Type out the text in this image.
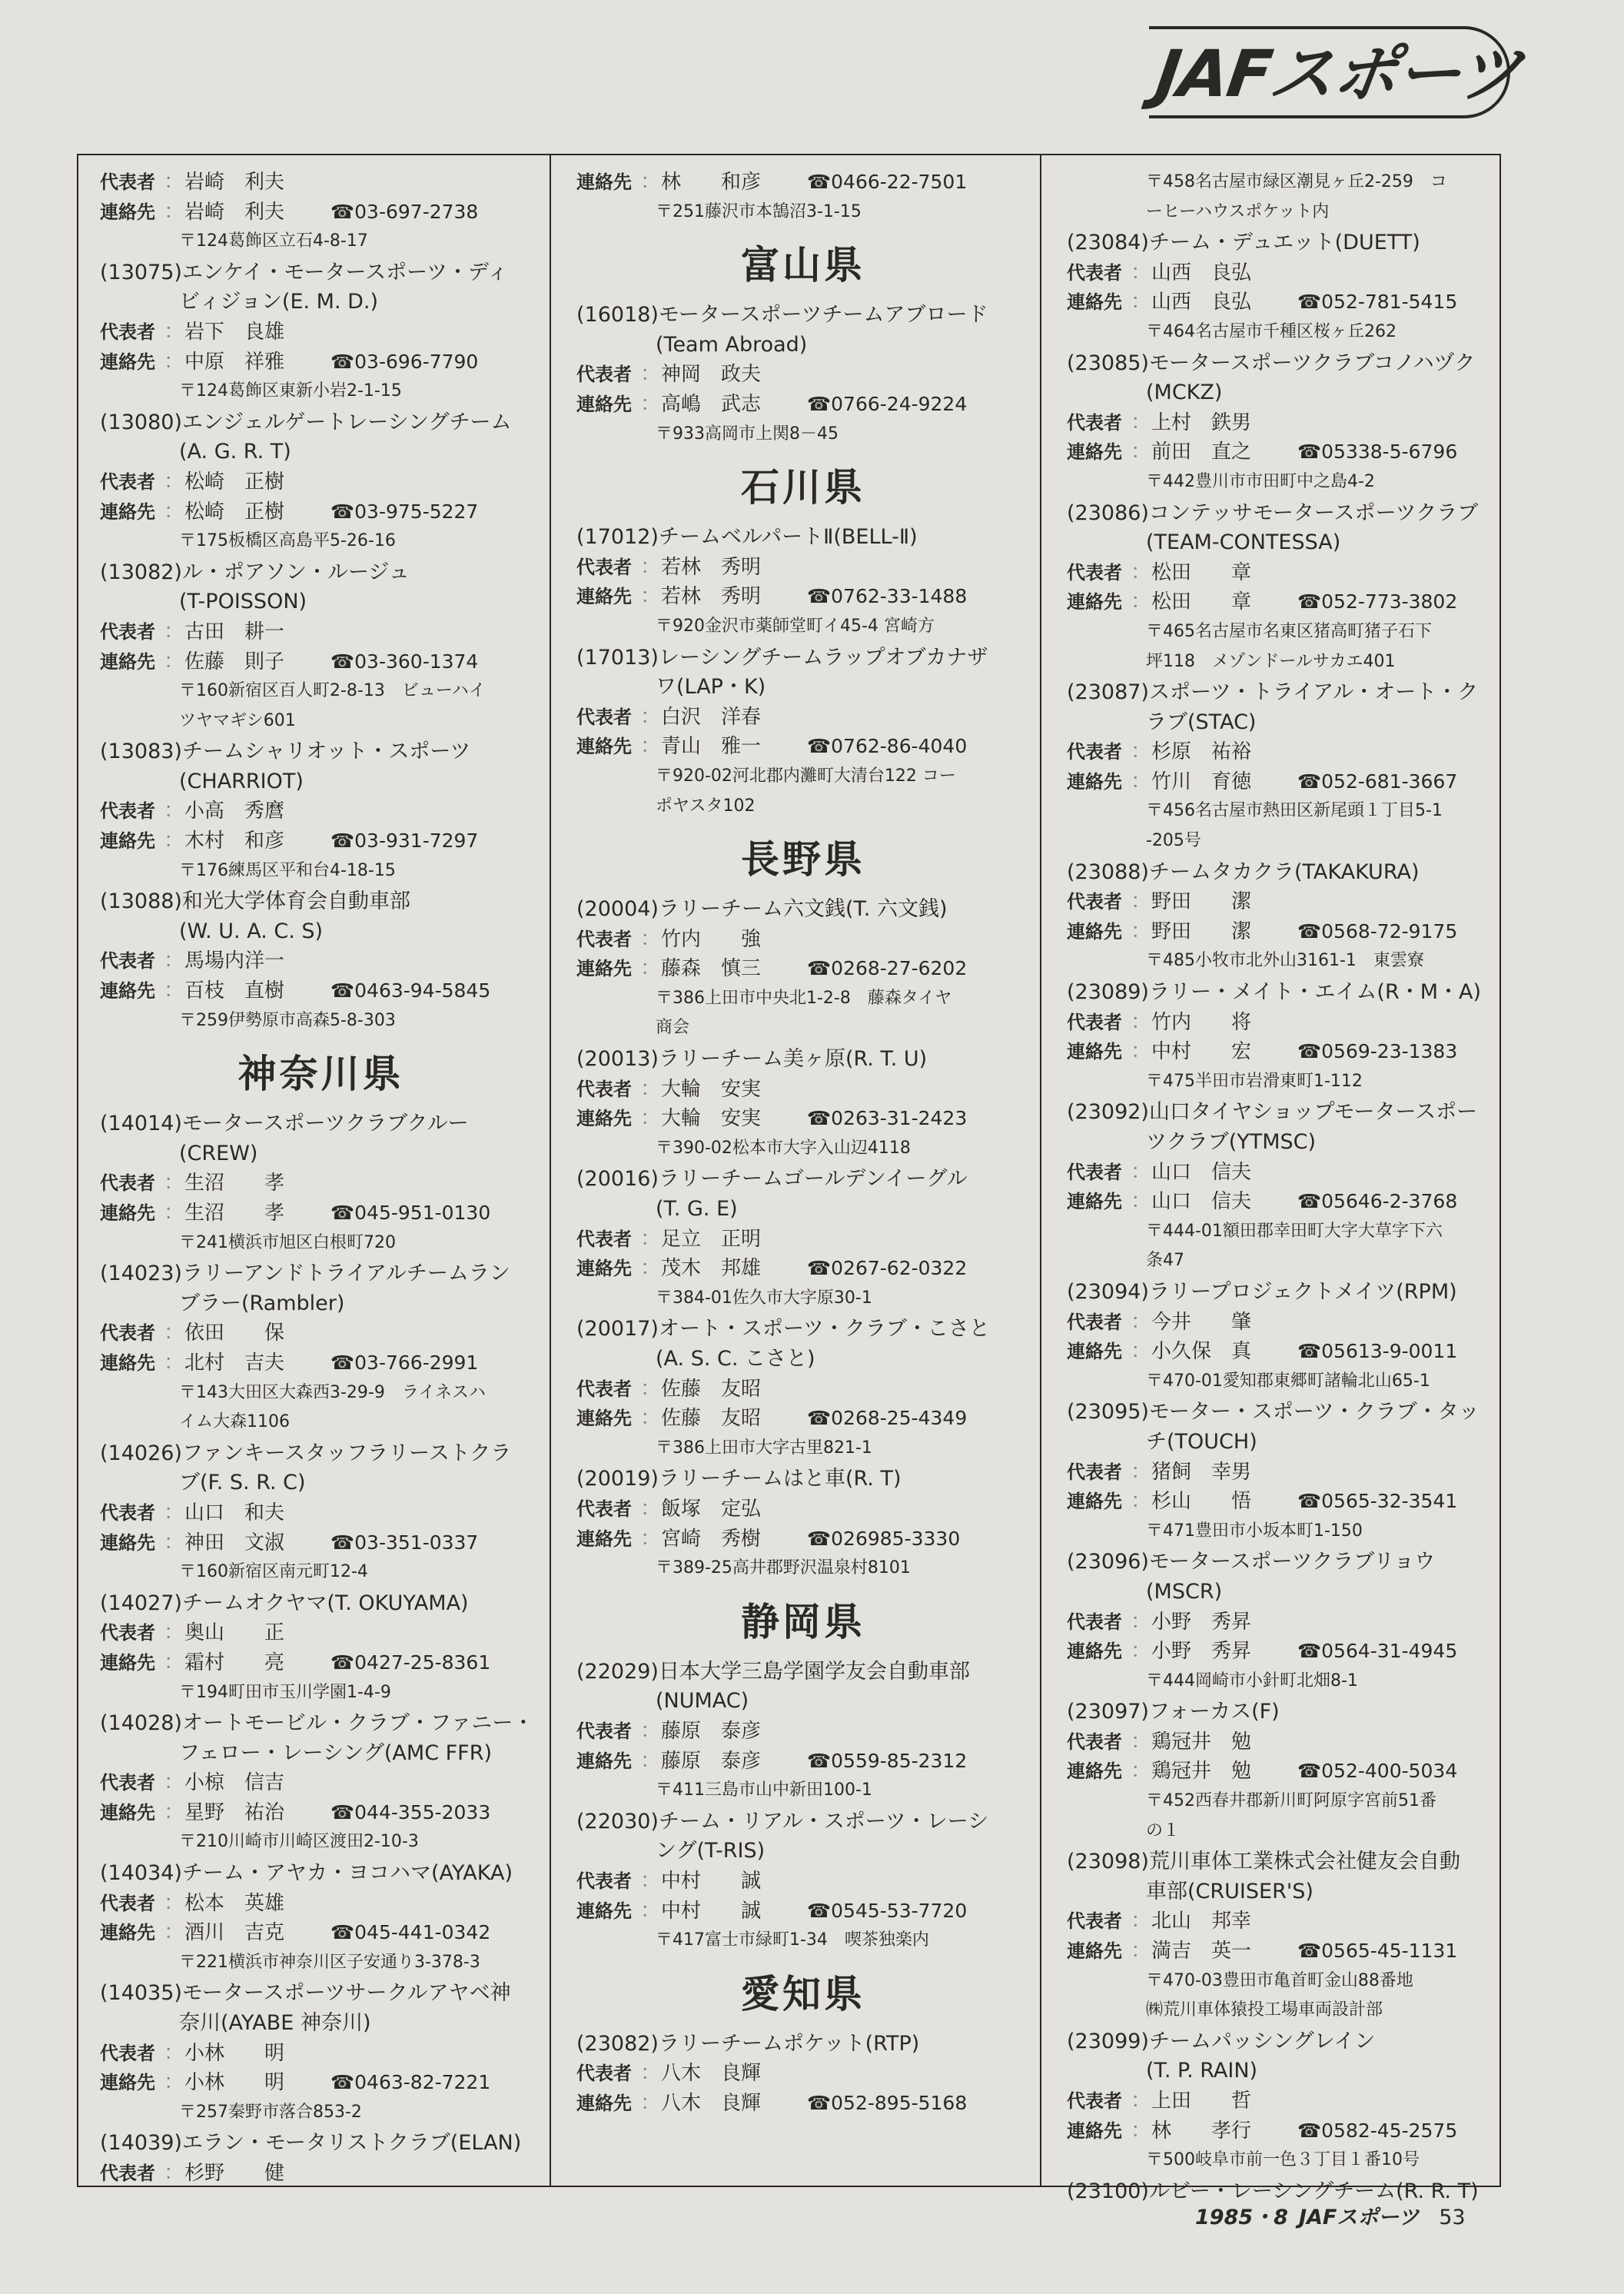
JAFスポーツ
代表者 ： 岩崎　利夫
連絡先 ： 岩崎　利夫	☎03-697-2738
〒124葛飾区立石4-8-17
(13075) エンケイ・モータースポーツ・ディ
ビィジョン(E. M. D.)
代表者 ： 岩下　良雄
連絡先 ： 中原　祥雅	☎03-696-7790
〒124葛飾区東新小岩2-1-15
(13080) エンジェルゲートレーシングチーム
(A. G. R. T)
代表者 ： 松崎　正樹
連絡先 ： 松崎　正樹	☎03-975-5227
〒175板橋区高島平5-26-16
(13082) ル・ポアソン・ルージュ
(T-POISSON)
代表者 ： 古田　耕一
連絡先 ： 佐藤　則子	☎03-360-1374
〒160新宿区百人町2-8-13　ビューハイ
ツヤマギシ601
(13083) チームシャリオット・スポーツ
(CHARRIOT)
代表者 ： 小高　秀麿
連絡先 ： 木村　和彦	☎03-931-7297
〒176練馬区平和台4-18-15
(13088) 和光大学体育会自動車部
(W. U. A. C. S)
代表者 ： 馬場内洋一
連絡先 ： 百枝　直樹	☎0463-94-5845
〒259伊勢原市高森5-8-303
神奈川県
(14014) モータースポーツクラブクルー
(CREW)
代表者 ： 生沼　　孝
連絡先 ： 生沼　　孝	☎045-951-0130
〒241横浜市旭区白根町720
(14023) ラリーアンドトライアルチームラン
ブラー(Rambler)
代表者 ： 依田　　保
連絡先 ： 北村　吉夫	☎03-766-2991
〒143大田区大森西3-29-9　ライネスハ
イム大森1106
(14026) ファンキースタッフラリーストクラ
ブ(F. S. R. C)
代表者 ： 山口　和夫
連絡先 ： 神田　文淑	☎03-351-0337
〒160新宿区南元町12-4
(14027) チームオクヤマ(T. OKUYAMA)
代表者 ： 奥山　　正
連絡先 ： 霜村　　亮	☎0427-25-8361
〒194町田市玉川学園1-4-9
(14028) オートモービル・クラブ・ファニー・
フェロー・レーシング(AMC FFR)
代表者 ： 小椋　信吉
連絡先 ： 星野　祐治	☎044-355-2033
〒210川崎市川崎区渡田2-10-3
(14034) チーム・アヤカ・ヨコハマ(AYAKA)
代表者 ： 松本　英雄
連絡先 ： 酒川　吉克	☎045-441-0342
〒221横浜市神奈川区子安通り3-378-3
(14035) モータースポーツサークルアヤベ神
奈川(AYABE 神奈川)
代表者 ： 小林　　明
連絡先 ： 小林　　明	☎0463-82-7221
〒257秦野市落合853-2
(14039) エラン・モータリストクラブ(ELAN)
代表者 ： 杉野　　健
連絡先 ： 林　　和彦	☎0466-22-7501
〒251藤沢市本鵠沼3-1-15
富山県
(16018) モータースポーツチームアブロード
(Team Abroad)
代表者 ： 神岡　政夫
連絡先 ： 高嶋　武志	☎0766-24-9224
〒933高岡市上関8－45
石川県
(17012) チームベルパートⅡ(BELL-Ⅱ)
代表者 ： 若林　秀明
連絡先 ： 若林　秀明	☎0762-33-1488
〒920金沢市薬師堂町イ45-4 宮崎方
(17013) レーシングチームラップオブカナザ
ワ(LAP・K)
代表者 ： 白沢　洋春
連絡先 ： 青山　雅一	☎0762-86-4040
〒920-02河北郡内灘町大清台122 コー
ポヤスタ102
長野県
(20004) ラリーチーム六文銭(T. 六文銭)
代表者 ： 竹内　　強
連絡先 ： 藤森　慎三	☎0268-27-6202
〒386上田市中央北1-2-8　藤森タイヤ
商会
(20013) ラリーチーム美ヶ原(R. T. U)
代表者 ： 大輪　安実
連絡先 ： 大輪　安実	☎0263-31-2423
〒390-02松本市大字入山辺4118
(20016) ラリーチームゴールデンイーグル
(T. G. E)
代表者 ： 足立　正明
連絡先 ： 茂木　邦雄	☎0267-62-0322
〒384-01佐久市大字原30-1
(20017) オート・スポーツ・クラブ・こさと
(A. S. C. こさと)
代表者 ： 佐藤　友昭
連絡先 ： 佐藤　友昭	☎0268-25-4349
〒386上田市大字古里821-1
(20019) ラリーチームはと車(R. T)
代表者 ： 飯塚　定弘
連絡先 ： 宮崎　秀樹	☎026985-3330
〒389-25高井郡野沢温泉村8101
静岡県
(22029) 日本大学三島学園学友会自動車部
(NUMAC)
代表者 ： 藤原　泰彦
連絡先 ： 藤原　泰彦	☎0559-85-2312
〒411三島市山中新田100-1
(22030) チーム・リアル・スポーツ・レーシ
ング(T-RIS)
代表者 ： 中村　　誠
連絡先 ： 中村　　誠	☎0545-53-7720
〒417富士市緑町1-34　喫茶独楽内
愛知県
(23082) ラリーチームポケット(RTP)
代表者 ： 八木　良輝
連絡先 ： 八木　良輝	☎052-895-5168
〒458名古屋市緑区潮見ヶ丘2-259　コ
ーヒーハウスポケット内
(23084) チーム・デュエット(DUETT)
代表者 ： 山西　良弘
連絡先 ： 山西　良弘	☎052-781-5415
〒464名古屋市千種区桜ヶ丘262
(23085) モータースポーツクラブコノハヅク
(MCKZ)
代表者 ： 上村　鉄男
連絡先 ： 前田　直之	☎05338-5-6796
〒442豊川市市田町中之島4-2
(23086) コンテッサモータースポーツクラブ
(TEAM-CONTESSA)
代表者 ： 松田　　章
連絡先 ： 松田　　章	☎052-773-3802
〒465名古屋市名東区猪高町猪子石下
坪118　メゾンドールサカエ401
(23087) スポーツ・トライアル・オート・ク
ラブ(STAC)
代表者 ： 杉原　祐裕
連絡先 ： 竹川　育徳	☎052-681-3667
〒456名古屋市熱田区新尾頭１丁目5-1
-205号
(23088) チームタカクラ(TAKAKURA)
代表者 ： 野田　　潔
連絡先 ： 野田　　潔	☎0568-72-9175
〒485小牧市北外山3161-1　東雲寮
(23089) ラリー・メイト・エイム(R・M・A)
代表者 ： 竹内　　将
連絡先 ： 中村　　宏	☎0569-23-1383
〒475半田市岩滑東町1-112
(23092) 山口タイヤショップモータースポー
ツクラブ(YTMSC)
代表者 ： 山口　信夫
連絡先 ： 山口　信夫	☎05646-2-3768
〒444-01額田郡幸田町大字大草字下六
条47
(23094) ラリープロジェクトメイツ(RPM)
代表者 ： 今井　　肇
連絡先 ： 小久保　真	☎05613-9-0011
〒470-01愛知郡東郷町諸輪北山65-1
(23095) モーター・スポーツ・クラブ・タッ
チ(TOUCH)
代表者 ： 猪飼　幸男
連絡先 ： 杉山　　悟	☎0565-32-3541
〒471豊田市小坂本町1-150
(23096) モータースポーツクラブリョウ
(MSCR)
代表者 ： 小野　秀昇
連絡先 ： 小野　秀昇	☎0564-31-4945
〒444岡崎市小針町北畑8-1
(23097) フォーカス(F)
代表者 ： 鶏冠井　勉
連絡先 ： 鶏冠井　勉	☎052-400-5034
〒452西春井郡新川町阿原字宮前51番
の１
(23098) 荒川車体工業株式会社健友会自動
車部(CRUISER'S)
代表者 ： 北山　邦幸
連絡先 ： 満吉　英一	☎0565-45-1131
〒470-03豊田市亀首町金山88番地
㈱荒川車体猿投工場車両設計部
(23099) チームパッシングレイン
(T. P. RAIN)
代表者 ： 上田　　哲
連絡先 ： 林　　孝行	☎0582-45-2575
〒500岐阜市前一色３丁目１番10号
(23100) ルビー・レーシングチーム(R. R. T)
1985・8 JAFスポーツ 53
